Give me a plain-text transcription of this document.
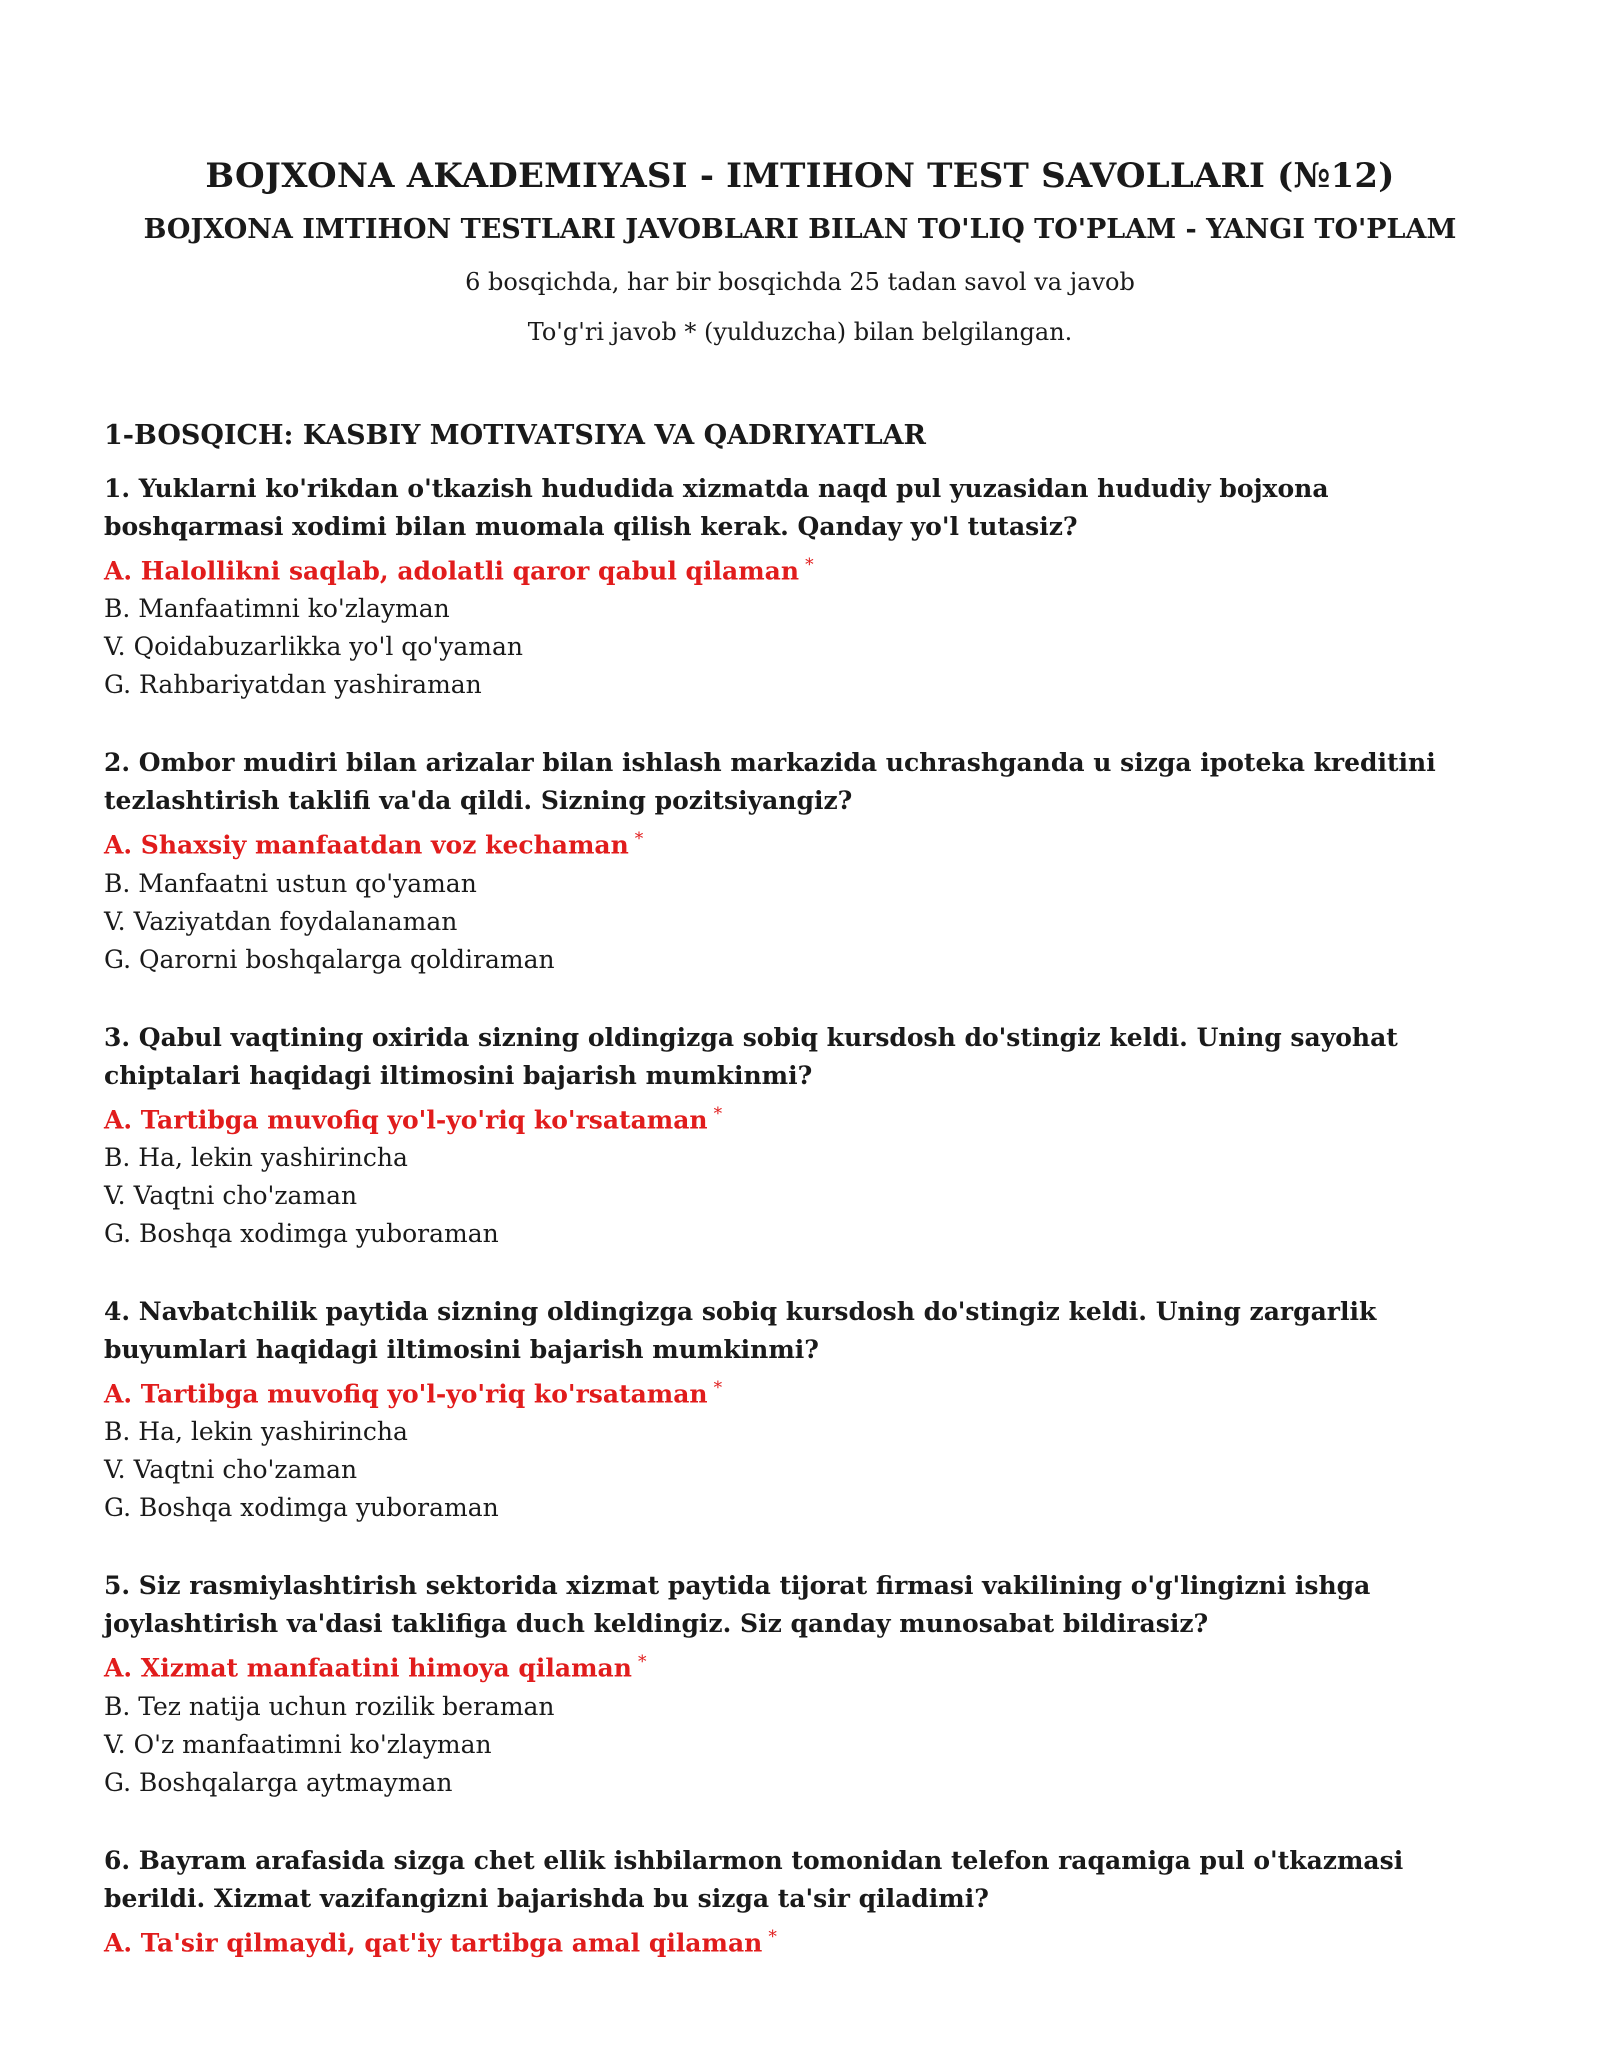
BOJXONA AKADEMIYASI - IMTIHON TEST SAVOLLARI (№12)
BOJXONA IMTIHON TESTLARI JAVOBLARI BILAN TO'LIQ TO'PLAM - YANGI TO'PLAM
6 bosqichda, har bir bosqichda 25 tadan savol va javob
To'g'ri javob * (yulduzcha) bilan belgilangan.
1-BOSQICH: KASBIY MOTIVATSIYA VA QADRIYATLAR

1. Yuklarni ko'rikdan o'tkazish hududida xizmatda naqd pul yuzasidan hududiy bojxona boshqarmasi xodimi bilan muomala qilish kerak. Qanday yo'l tutasiz?

A. Halollikni saqlab, adolatli qaror qabul qilaman *

B. Manfaatimni ko'zlayman

V. Qoidabuzarlikka yo'l qo'yaman

G. Rahbariyatdan yashiraman

2. Ombor mudiri bilan arizalar bilan ishlash markazida uchrashganda u sizga ipoteka kreditini tezlashtirish taklifi va'da qildi. Sizning pozitsiyangiz?

A. Shaxsiy manfaatdan voz kechaman *

B. Manfaatni ustun qo'yaman

V. Vaziyatdan foydalanaman

G. Qarorni boshqalarga qoldiraman

3. Qabul vaqtining oxirida sizning oldingizga sobiq kursdosh do'stingiz keldi. Uning sayohat chiptalari haqidagi iltimosini bajarish mumkinmi?

A. Tartibga muvofiq yo'l-yo'riq ko'rsataman *

B. Ha, lekin yashirincha

V. Vaqtni cho'zaman

G. Boshqa xodimga yuboraman

4. Navbatchilik paytida sizning oldingizga sobiq kursdosh do'stingiz keldi. Uning zargarlik buyumlari haqidagi iltimosini bajarish mumkinmi?

A. Tartibga muvofiq yo'l-yo'riq ko'rsataman *

B. Ha, lekin yashirincha

V. Vaqtni cho'zaman

G. Boshqa xodimga yuboraman

5. Siz rasmiylashtirish sektorida xizmat paytida tijorat firmasi vakilining o'g'lingizni ishga joylashtirish va'dasi taklifiga duch keldingiz. Siz qanday munosabat bildirasiz?

A. Xizmat manfaatini himoya qilaman *

B. Tez natija uchun rozilik beraman

V. O'z manfaatimni ko'zlayman

G. Boshqalarga aytmayman

6. Bayram arafasida sizga chet ellik ishbilarmon tomonidan telefon raqamiga pul o'tkazmasi berildi. Xizmat vazifangizni bajarishda bu sizga ta'sir qiladimi?

A. Ta'sir qilmaydi, qat'iy tartibga amal qilaman *
